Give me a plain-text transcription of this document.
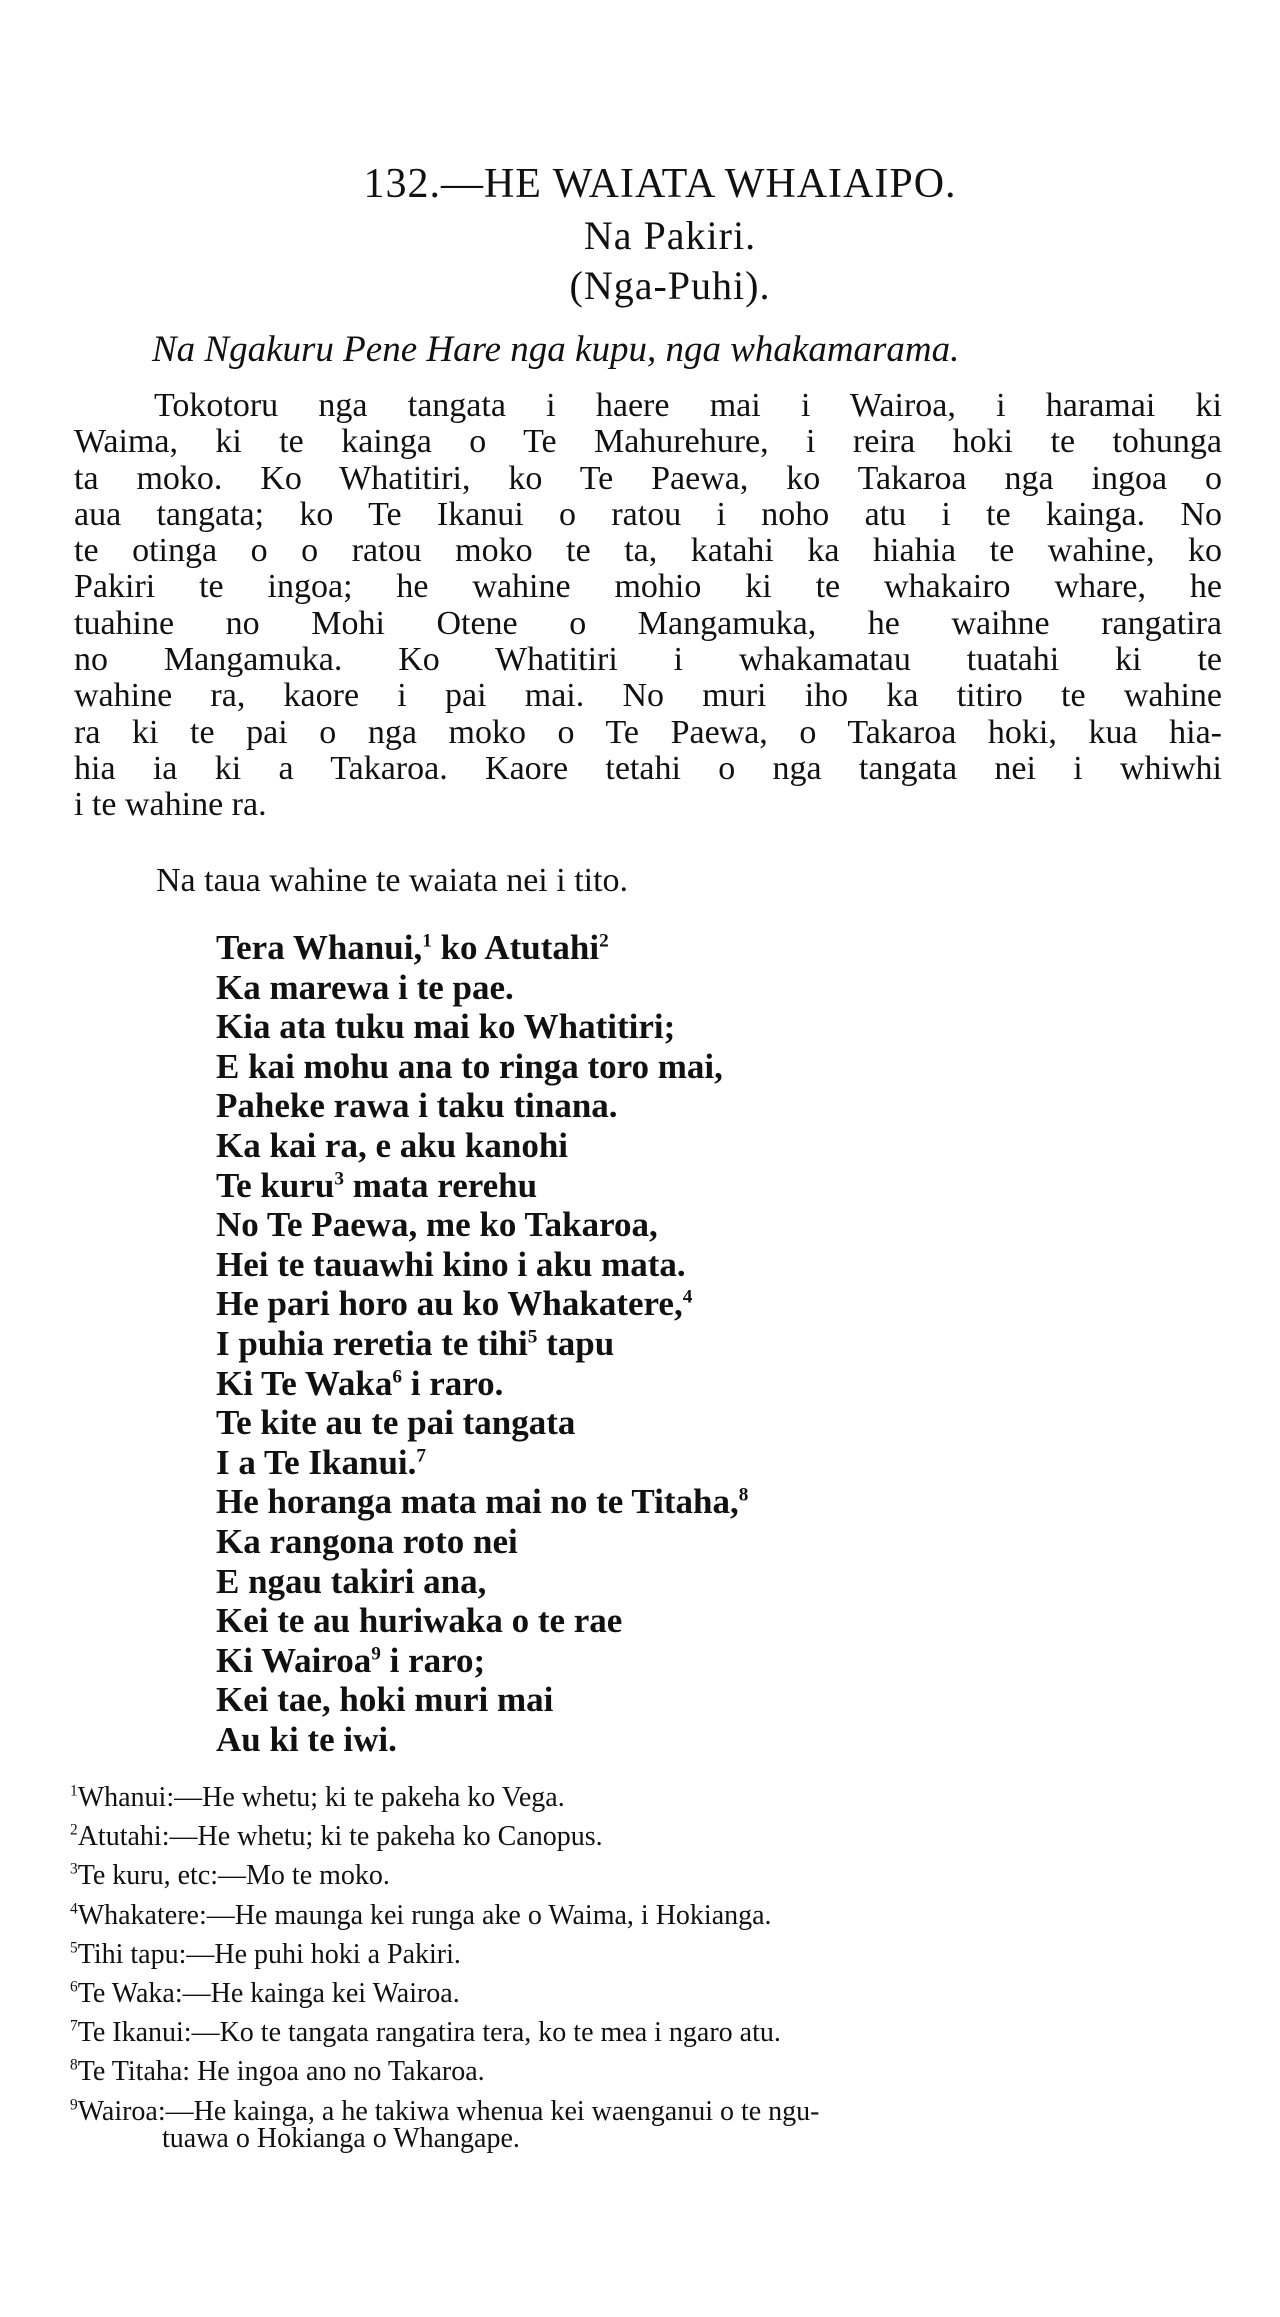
132.—HE WAIATA WHAIAIPO.
Na Pakiri.
(Nga-Puhi).
Na Ngakuru Pene Hare nga kupu, nga whakamarama.
Tokotoru nga tangata i haere mai i Wairoa, i haramai ki
Waima, ki te kainga o Te Mahurehure, i reira hoki te tohunga
ta moko. Ko Whatitiri, ko Te Paewa, ko Takaroa nga ingoa o
aua tangata; ko Te Ikanui o ratou i noho atu i te kainga. No
te otinga o o ratou moko te ta, katahi ka hiahia te wahine, ko
Pakiri te ingoa; he wahine mohio ki te whakairo whare, he
tuahine no Mohi Otene o Mangamuka, he waihne rangatira
no Mangamuka. Ko Whatitiri i whakamatau tuatahi ki te
wahine ra, kaore i pai mai. No muri iho ka titiro te wahine
ra ki te pai o nga moko o Te Paewa, o Takaroa hoki, kua hia-
hia ia ki a Takaroa. Kaore tetahi o nga tangata nei i whiwhi
i te wahine ra.
Na taua wahine te waiata nei i tito.
Tera Whanui,$^1$ ko Atutahi$^2$
Ka marewa i te pae.
Kia ata tuku mai ko Whatitiri;
E kai mohu ana to ringa toro mai,
Paheke rawa i taku tinana.
Ka kai ra, e aku kanohi
Te kuru$^3$ mata rerehu
No Te Paewa, me ko Takaroa,
Hei te tauawhi kino i aku mata.
He pari horo au ko Whakatere,$^4$
I puhia reretia te tihi$^5$ tapu
Ki Te Waka$^6$ i raro.
Te kite au te pai tangata
I a Te Ikanui.$^7$
He horanga mata mai no te Titaha,$^8$
Ka rangona roto nei
E ngau takiri ana,
Kei te au huriwaka o te rae
Ki Wairoa$^9$ i raro;
Kei tae, hoki muri mai
Au ki te iwi.
$^1$Whanui:—He whetu; ki te pakeha ko Vega.
$^2$Atutahi:—He whetu; ki te pakeha ko Canopus.
$^3$Te kuru, etc:—Mo te moko.
$^4$Whakatere:—He maunga kei runga ake o Waima, i Hokianga.
$^5$Tihi tapu:—He puhi hoki a Pakiri.
$^6$Te Waka:—He kainga kei Wairoa.
$^7$Te Ikanui:—Ko te tangata rangatira tera, ko te mea i ngaro atu.
$^8$Te Titaha: He ingoa ano no Takaroa.
$^9$Wairoa:—He kainga, a he takiwa whenua kei waenganui o te ngu-
tuawa o Hokianga o Whangape.
